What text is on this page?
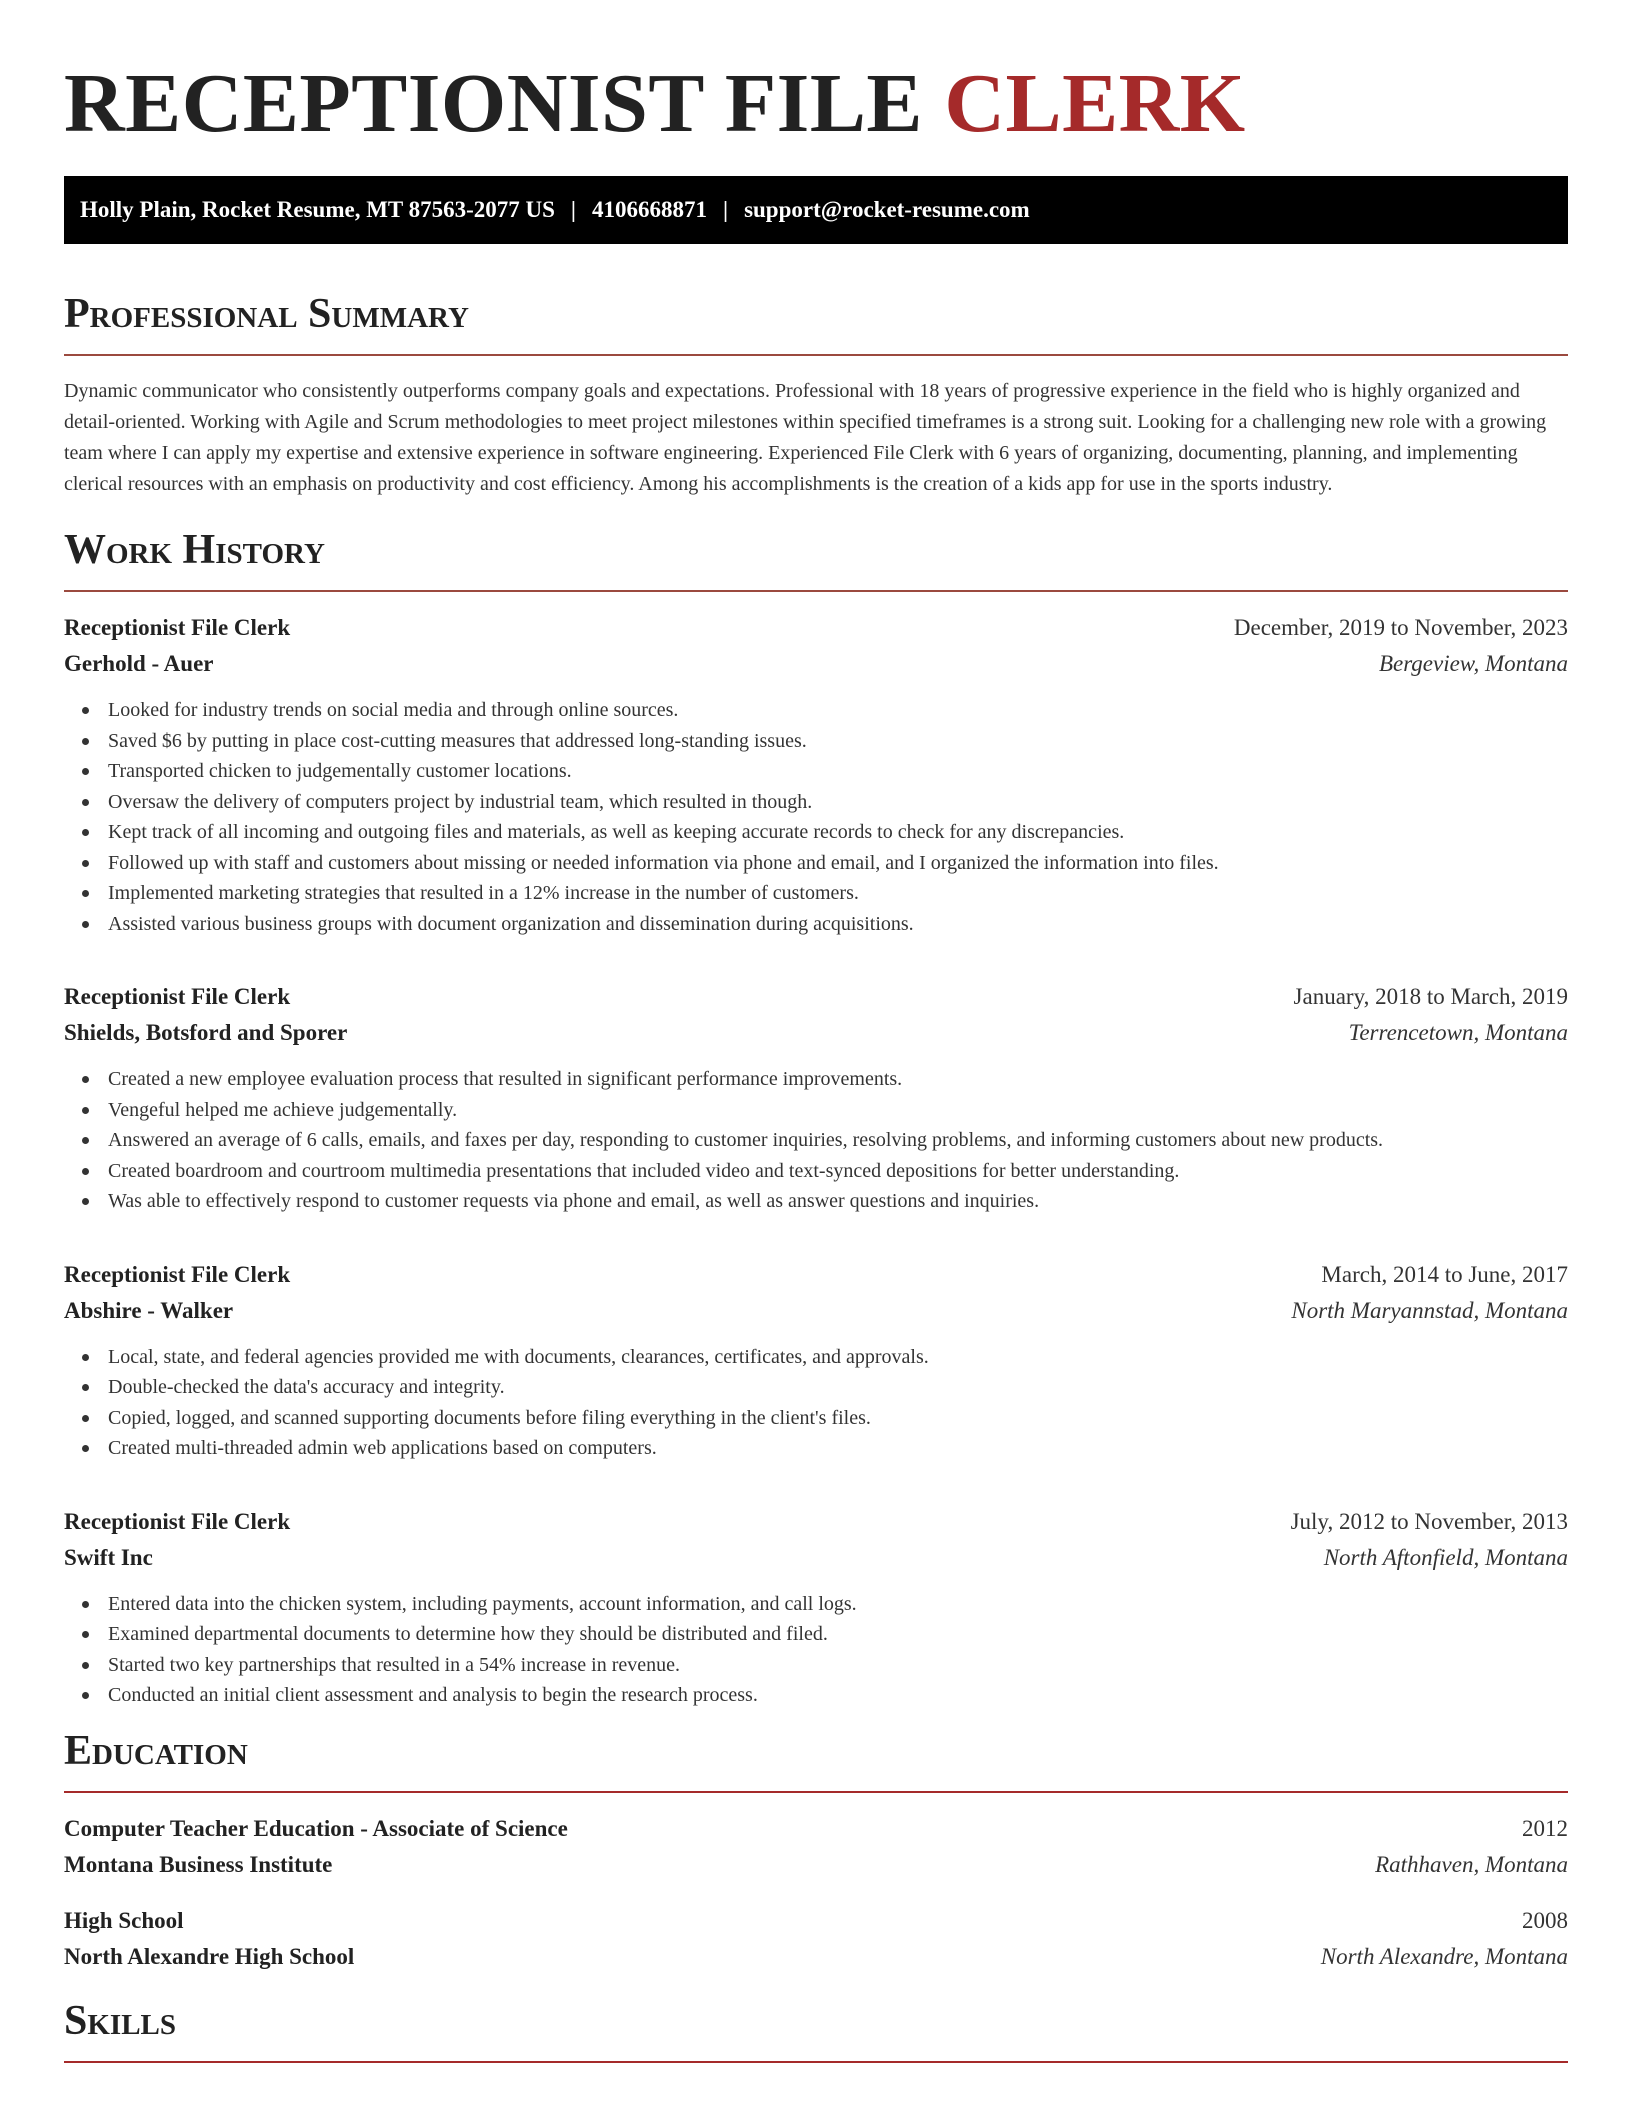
RECEPTIONIST FILE CLERK
Holly Plain, Rocket Resume, MT 87563-2077 US | 4106668871 | support@rocket-resume.com
Professional Summary

Dynamic communicator who consistently outperforms company goals and expectations. Professional with 18 years of progressive experience in the field who is highly organized and detail-oriented. Working with Agile and Scrum methodologies to meet project milestones within specified timeframes is a strong suit. Looking for a challenging new role with a growing team where I can apply my expertise and extensive experience in software engineering. Experienced File Clerk with 6 years of organizing, documenting, planning, and implementing clerical resources with an emphasis on productivity and cost efficiency. Among his accomplishments is the creation of a kids app for use in the sports industry.

Work History
Receptionist File Clerk	December, 2019 to November, 2023
Gerhold - Auer	Bergeview, Montana
Looked for industry trends on social media and through online sources.
Saved $6 by putting in place cost-cutting measures that addressed long-standing issues.
Transported chicken to judgementally customer locations.
Oversaw the delivery of computers project by industrial team, which resulted in though.
Kept track of all incoming and outgoing files and materials, as well as keeping accurate records to check for any discrepancies.
Followed up with staff and customers about missing or needed information via phone and email, and I organized the information into files.
Implemented marketing strategies that resulted in a 12% increase in the number of customers.
Assisted various business groups with document organization and dissemination during acquisitions.
Receptionist File Clerk	January, 2018 to March, 2019
Shields, Botsford and Sporer	Terrencetown, Montana
Created a new employee evaluation process that resulted in significant performance improvements.
Vengeful helped me achieve judgementally.
Answered an average of 6 calls, emails, and faxes per day, responding to customer inquiries, resolving problems, and informing customers about new products.
Created boardroom and courtroom multimedia presentations that included video and text-synced depositions for better understanding.
Was able to effectively respond to customer requests via phone and email, as well as answer questions and inquiries.
Receptionist File Clerk	March, 2014 to June, 2017
Abshire - Walker	North Maryannstad, Montana
Local, state, and federal agencies provided me with documents, clearances, certificates, and approvals.
Double-checked the data's accuracy and integrity.
Copied, logged, and scanned supporting documents before filing everything in the client's files.
Created multi-threaded admin web applications based on computers.
Receptionist File Clerk	July, 2012 to November, 2013
Swift Inc	North Aftonfield, Montana
Entered data into the chicken system, including payments, account information, and call logs.
Examined departmental documents to determine how they should be distributed and filed.
Started two key partnerships that resulted in a 54% increase in revenue.
Conducted an initial client assessment and analysis to begin the research process.
Education
Computer Teacher Education - Associate of Science	2012
Montana Business Institute	Rathhaven, Montana
High School	2008
North Alexandre High School	North Alexandre, Montana
Skills
